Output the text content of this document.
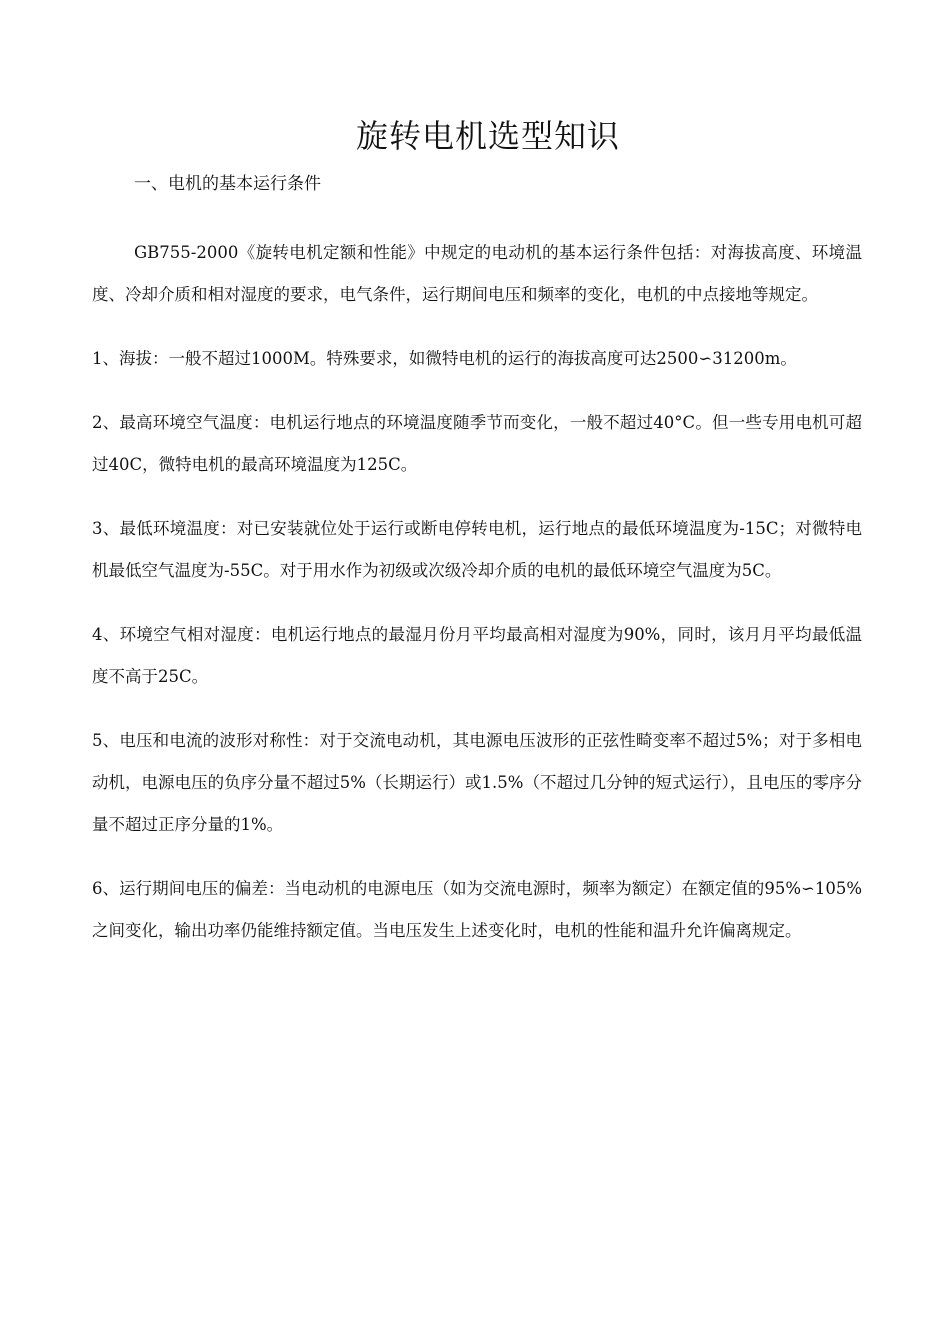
旋转电机选型知识
一、电机的基本运行条件

GB755-2000《旋转电机定额和性能》中规定的电动机的基本运行条件包括：对海拔高度、环境温度、冷却介质和相对湿度的要求，电气条件，运行期间电压和频率的变化，电机的中点接地等规定。

1、海拔：一般不超过1000M。特殊要求，如微特电机的运行的海拔高度可达2500∽31200m。

2、最高环境空气温度：电机运行地点的环境温度随季节而变化，一般不超过40°C。但一些专用电机可超过40C，微特电机的最高环境温度为125C。

3、最低环境温度：对已安装就位处于运行或断电停转电机，运行地点的最低环境温度为-15C；对微特电机最低空气温度为-55C。对于用水作为初级或次级冷却介质的电机的最低环境空气温度为5C。

4、环境空气相对湿度：电机运行地点的最湿月份月平均最高相对湿度为90%，同时，该月月平均最低温度不高于25C。

5、电压和电流的波形对称性：对于交流电动机，其电源电压波形的正弦性畸变率不超过5%；对于多相电动机，电源电压的负序分量不超过5%（长期运行）或1.5%（不超过几分钟的短式运行），且电压的零序分量不超过正序分量的1%。

6、运行期间电压的偏差：当电动机的电源电压（如为交流电源时，频率为额定）在额定值的95%∽105%之间变化，输出功率仍能维持额定值。当电压发生上述变化时，电机的性能和温升允许偏离规定。
